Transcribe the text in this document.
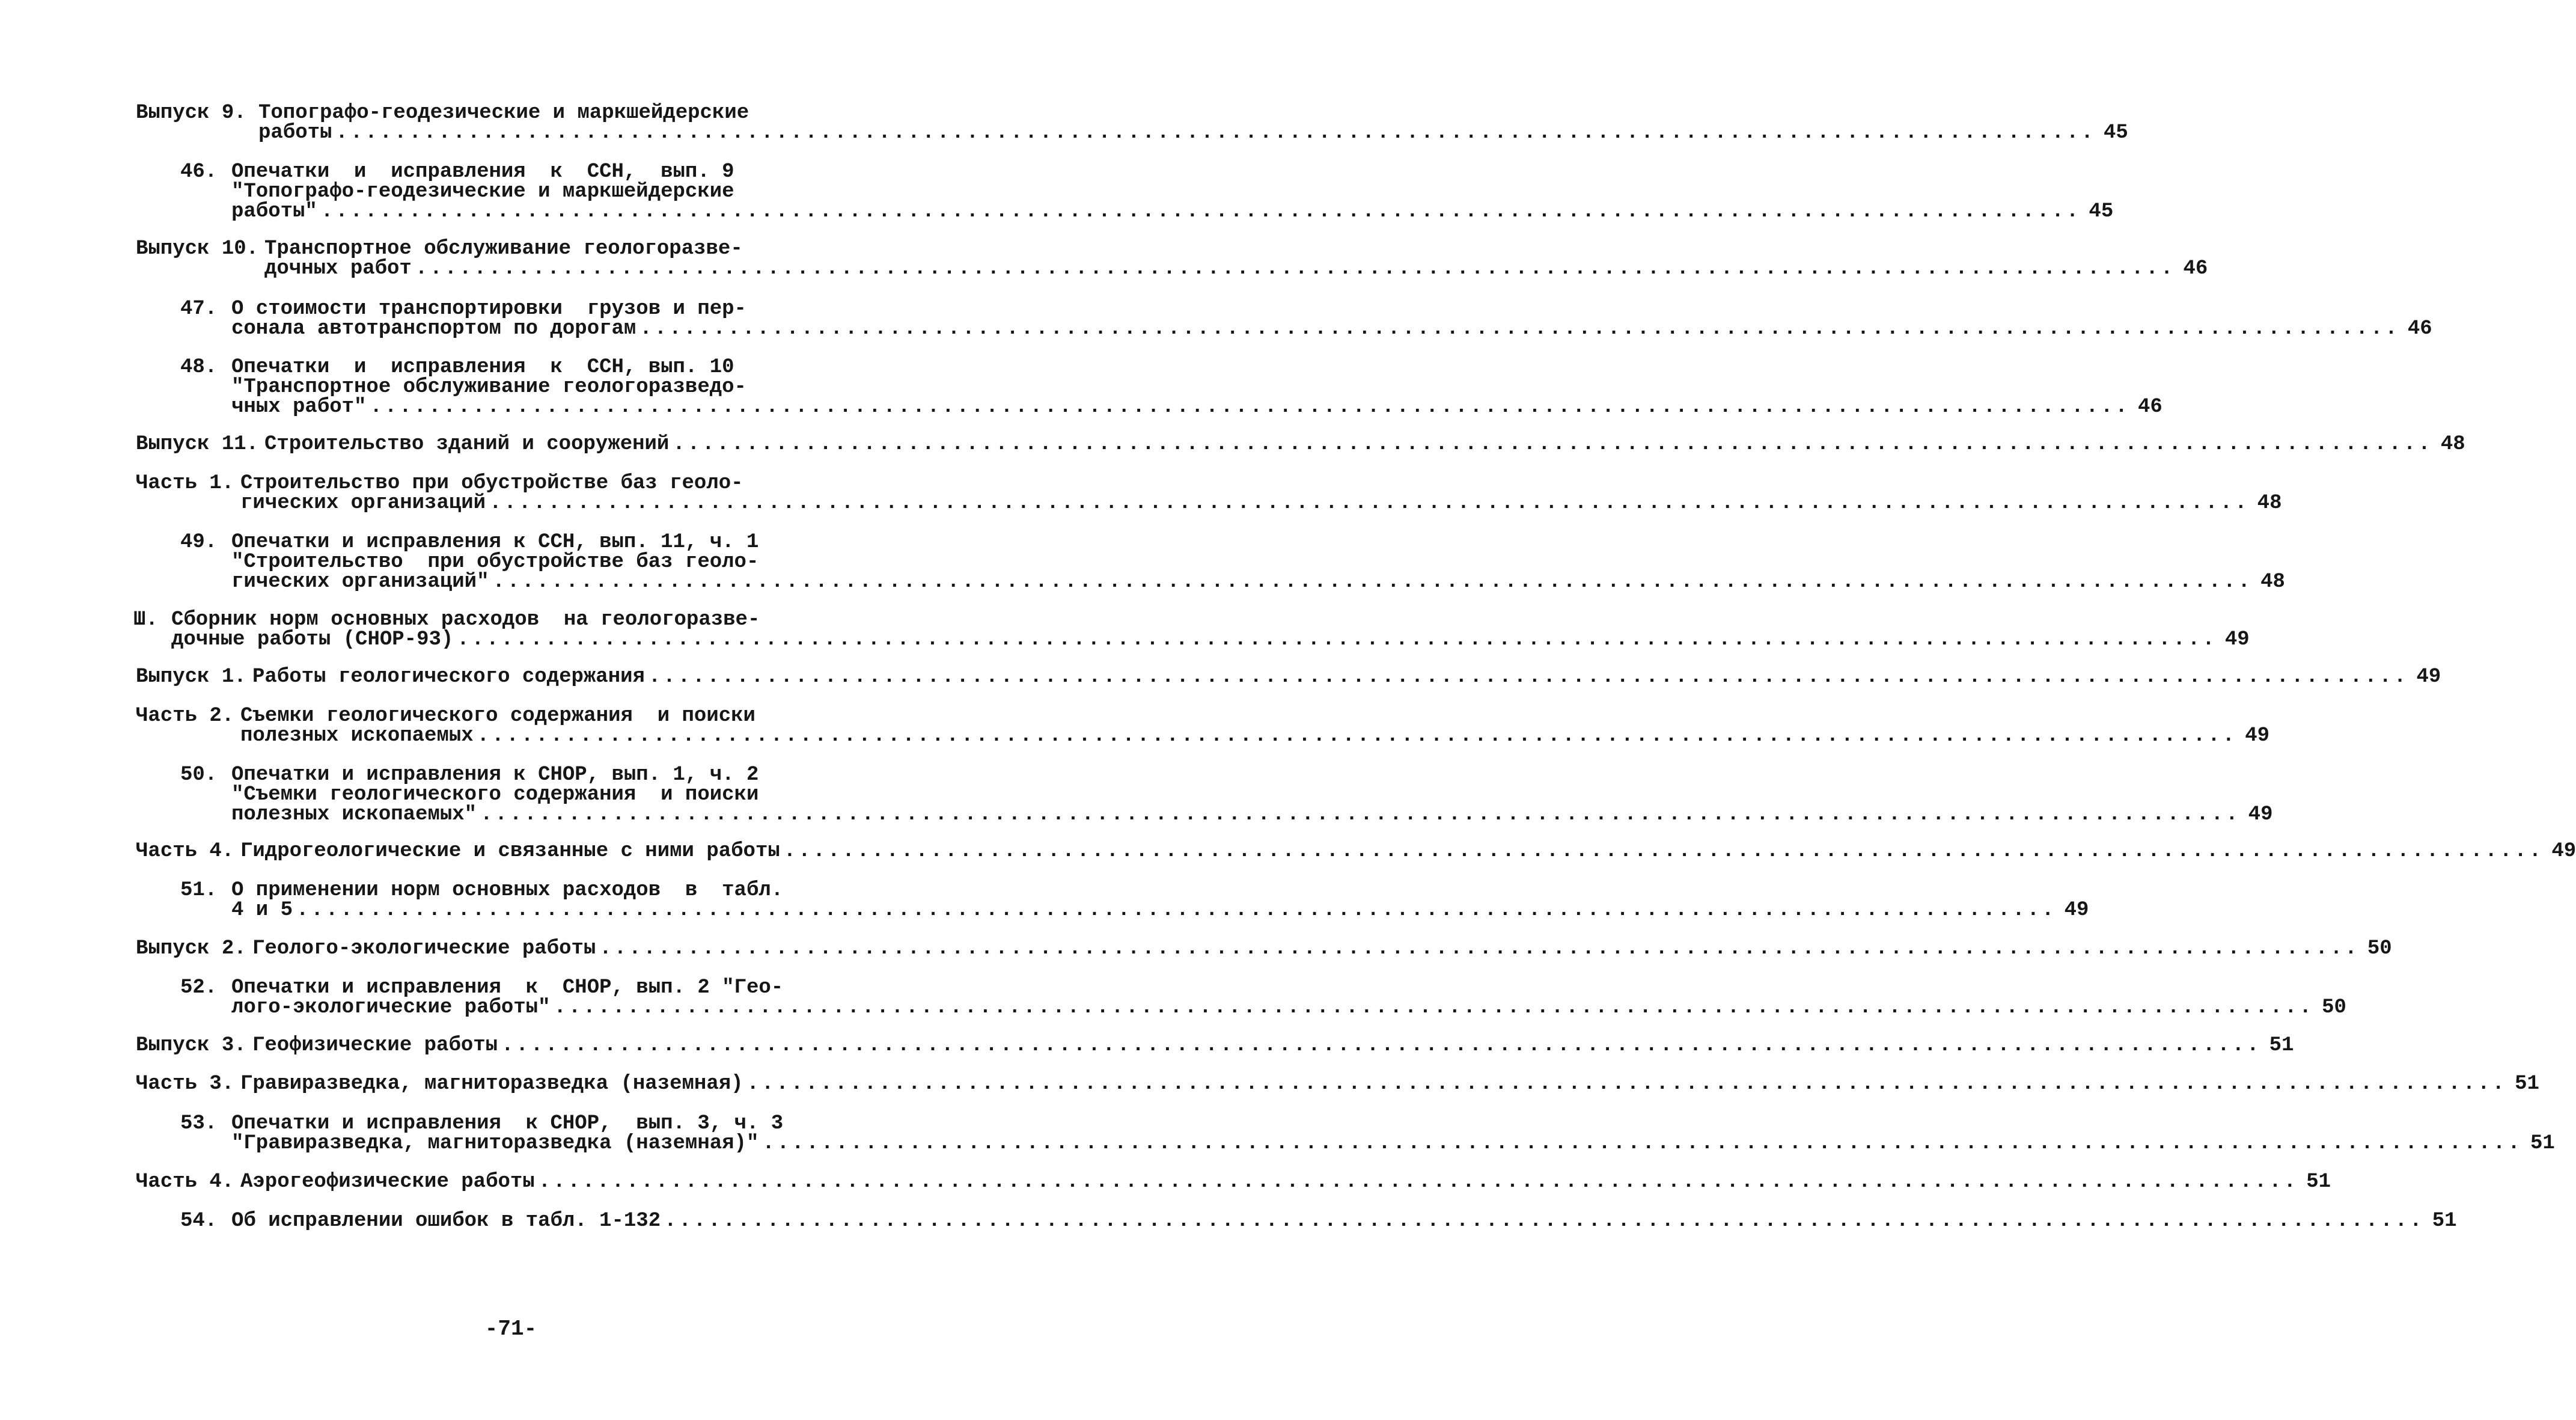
Выпуск 9. Топографо-геодезические и маркшейдерские
работы ........................................................................................................................ 45
46. Опечатки  и  исправления  к  ССН,  вып. 9
"Топографо-геодезические и маркшейдерские
работы" ........................................................................................................................ 45
Выпуск 10. Транспортное обслуживание геологоразве-
дочных работ ........................................................................................................................ 46
47. О стоимости транспортировки  грузов и пер-
сонала автотранспортом по дорогам ........................................................................................................................ 46
48. Опечатки  и  исправления  к  ССН, вып. 10
"Транспортное обслуживание геологоразведо-
чных работ" ........................................................................................................................ 46
Выпуск 11. Строительство зданий и сооружений ........................................................................................................................ 48
Часть 1. Строительство при обустройстве баз геоло-
гических организаций ........................................................................................................................ 48
49. Опечатки и исправления к ССН, вып. 11, ч. 1
"Строительство  при обустройстве баз геоло-
гических организаций" ........................................................................................................................ 48
Ш. Сборник норм основных расходов  на геологоразве-
дочные работы (СНОР-93) ........................................................................................................................ 49
Выпуск 1. Работы геологического содержания ........................................................................................................................ 49
Часть 2. Съемки геологического содержания  и поиски
полезных ископаемых ........................................................................................................................ 49
50. Опечатки и исправления к СНОР, вып. 1, ч. 2
"Съемки геологического содержания  и поиски
полезных ископаемых" ........................................................................................................................ 49
Часть 4. Гидрогеологические и связанные с ними работы ........................................................................................................................ 49
51. О применении норм основных расходов  в  табл.
4 и 5 ........................................................................................................................ 49
Выпуск 2. Геолого-экологические работы ........................................................................................................................ 50
52. Опечатки и исправления  к  СНОР, вып. 2 "Гео-
лого-экологические работы" ........................................................................................................................ 50
Выпуск 3. Геофизические работы ........................................................................................................................ 51
Часть 3. Гравиразведка, магниторазведка (наземная) ........................................................................................................................ 51
53. Опечатки и исправления  к СНОР,  вып. 3, ч. 3
"Гравиразведка, магниторазведка (наземная)" ........................................................................................................................ 51
Часть 4. Аэрогеофизические работы ........................................................................................................................ 51
54. Об исправлении ошибок в табл. 1-132 ........................................................................................................................ 51
-71-
